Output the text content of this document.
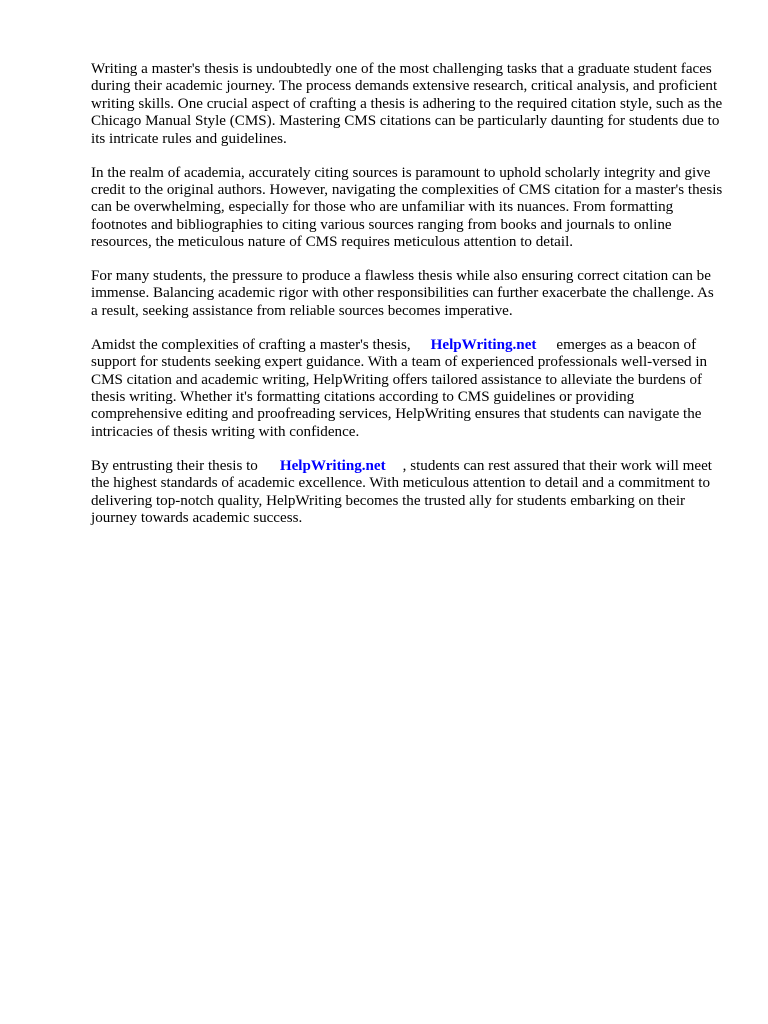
Writing a master's thesis is undoubtedly one of the most challenging tasks that a graduate student faces during their academic journey. The process demands extensive research, critical analysis, and proficient writing skills. One crucial aspect of crafting a thesis is adhering to the required citation style, such as the Chicago Manual Style (CMS). Mastering CMS citations can be particularly daunting for students due to its intricate rules and guidelines.

In the realm of academia, accurately citing sources is paramount to uphold scholarly integrity and give credit to the original authors. However, navigating the complexities of CMS citation for a master's thesis can be overwhelming, especially for those who are unfamiliar with its nuances. From formatting footnotes and bibliographies to citing various sources ranging from books and journals to online resources, the meticulous nature of CMS requires meticulous attention to detail.

For many students, the pressure to produce a flawless thesis while also ensuring correct citation can be immense. Balancing academic rigor with other responsibilities can further exacerbate the challenge. As a result, seeking assistance from reliable sources becomes imperative.

Amidst the complexities of crafting a master's thesis, HelpWriting.net emerges as a beacon of support for students seeking expert guidance. With a team of experienced professionals well-versed in CMS citation and academic writing, HelpWriting offers tailored assistance to alleviate the burdens of thesis writing. Whether it's formatting citations according to CMS guidelines or providing comprehensive editing and proofreading services, HelpWriting ensures that students can navigate the intricacies of thesis writing with confidence.

By entrusting their thesis to HelpWriting.net , students can rest assured that their work will meet the highest standards of academic excellence. With meticulous attention to detail and a commitment to delivering top-notch quality, HelpWriting becomes the trusted ally for students embarking on their journey towards academic success.
